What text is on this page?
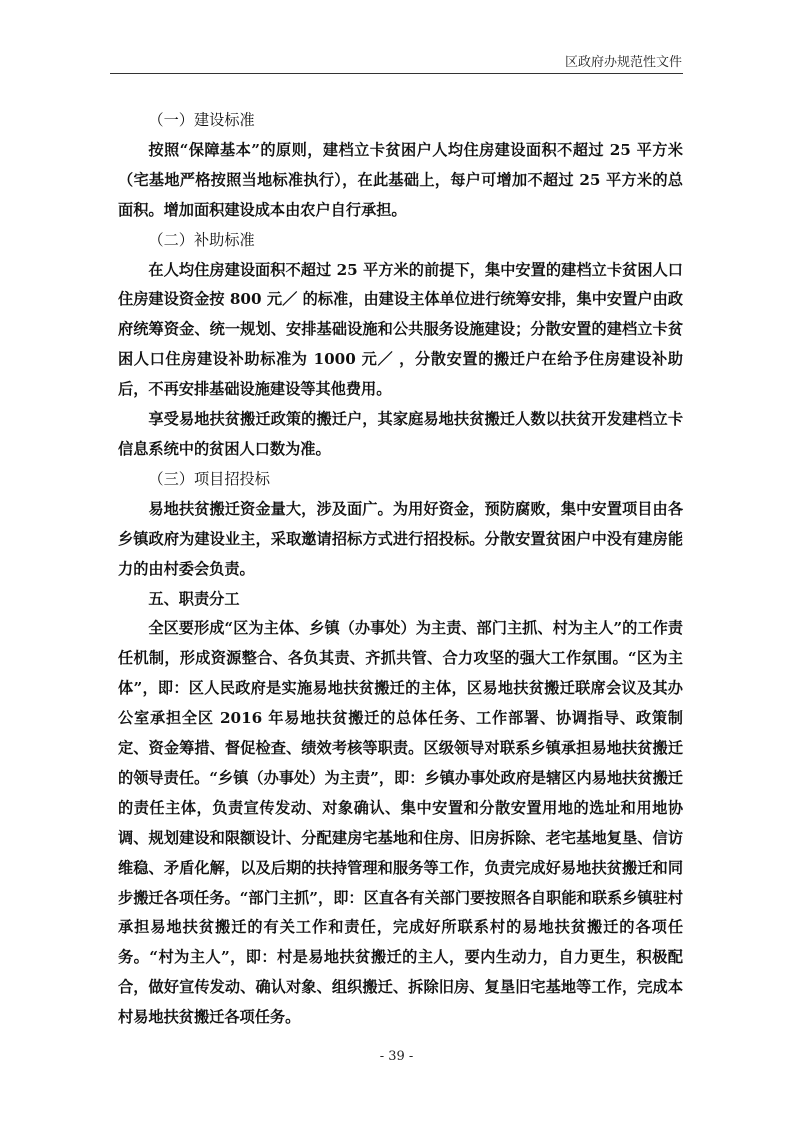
区政府办规范性文件

（一）建设标准

按照“保障基本”的原则，建档立卡贫困户人均住房建设面积不超过 25 平方米（宅基地严格按照当地标准执行），在此基础上，每户可增加不超过 25 平方米的总面积。增加面积建设成本由农户自行承担。

（二）补助标准

在人均住房建设面积不超过 25 平方米的前提下，集中安置的建档立卡贫困人口住房建设资金按 800 元／ 的标准，由建设主体单位进行统筹安排，集中安置户由政府统筹资金、统一规划、安排基础设施和公共服务设施建设；分散安置的建档立卡贫困人口住房建设补助标准为 1000 元／ ，分散安置的搬迁户在给予住房建设补助后，不再安排基础设施建设等其他费用。

享受易地扶贫搬迁政策的搬迁户，其家庭易地扶贫搬迁人数以扶贫开发建档立卡信息系统中的贫困人口数为准。

（三）项目招投标

易地扶贫搬迁资金量大，涉及面广。为用好资金，预防腐败，集中安置项目由各乡镇政府为建设业主，采取邀请招标方式进行招投标。分散安置贫困户中没有建房能力的由村委会负责。

五、职责分工

全区要形成“区为主体、乡镇（办事处）为主责、部门主抓、村为主人”的工作责任机制，形成资源整合、各负其责、齐抓共管、合力攻坚的强大工作氛围。“区为主体”，即：区人民政府是实施易地扶贫搬迁的主体，区易地扶贫搬迁联席会议及其办公室承担全区 2016 年易地扶贫搬迁的总体任务、工作部署、协调指导、政策制定、资金筹措、督促检查、绩效考核等职责。区级领导对联系乡镇承担易地扶贫搬迁的领导责任。“乡镇（办事处）为主责”，即：乡镇办事处政府是辖区内易地扶贫搬迁的责任主体，负责宣传发动、对象确认、集中安置和分散安置用地的选址和用地协调、规划建设和限额设计、分配建房宅基地和住房、旧房拆除、老宅基地复垦、信访维稳、矛盾化解，以及后期的扶持管理和服务等工作，负责完成好易地扶贫搬迁和同步搬迁各项任务。“部门主抓”，即：区直各有关部门要按照各自职能和联系乡镇驻村承担易地扶贫搬迁的有关工作和责任，完成好所联系村的易地扶贫搬迁的各项任务。“村为主人”，即：村是易地扶贫搬迁的主人，要内生动力，自力更生，积极配合，做好宣传发动、确认对象、组织搬迁、拆除旧房、复垦旧宅基地等工作，完成本村易地扶贫搬迁各项任务。

- 39 -
